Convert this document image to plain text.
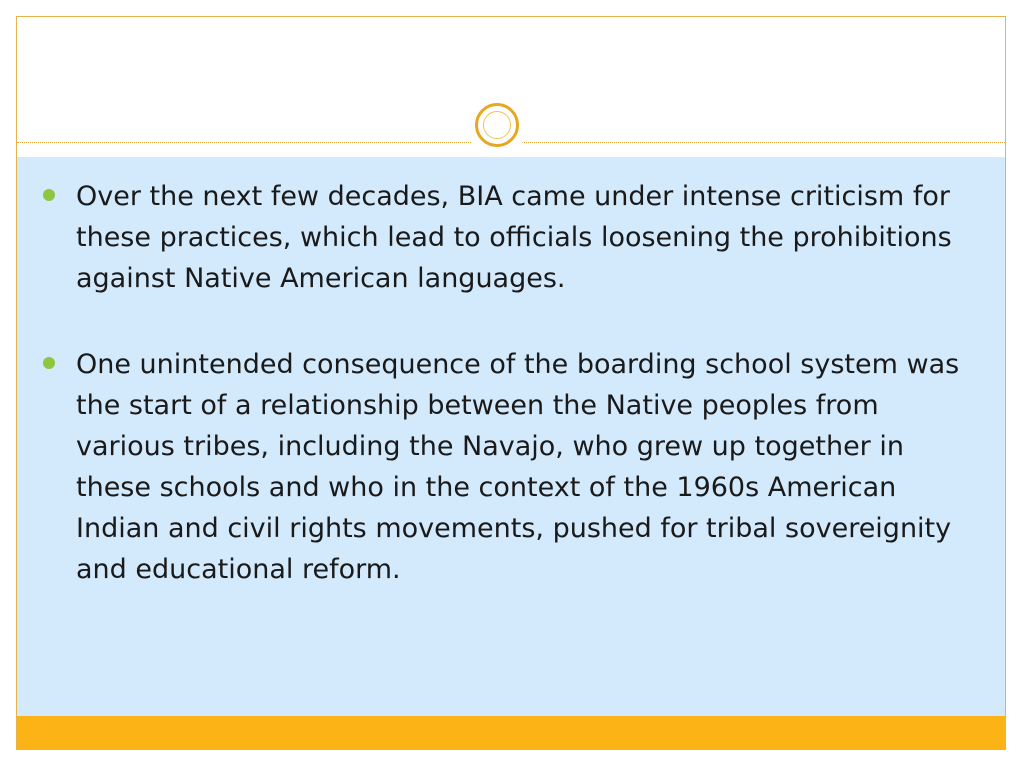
Over the next few decades, BIA came under intense criticism for these practices, which lead to officials loosening the prohibitions against Native American languages.
One unintended consequence of the boarding school system was the start of a relationship between the Native peoples from various tribes, including the Navajo, who grew up together in these schools and who in the context of the 1960s American Indian and civil rights movements, pushed for tribal sovereignity and educational reform.
